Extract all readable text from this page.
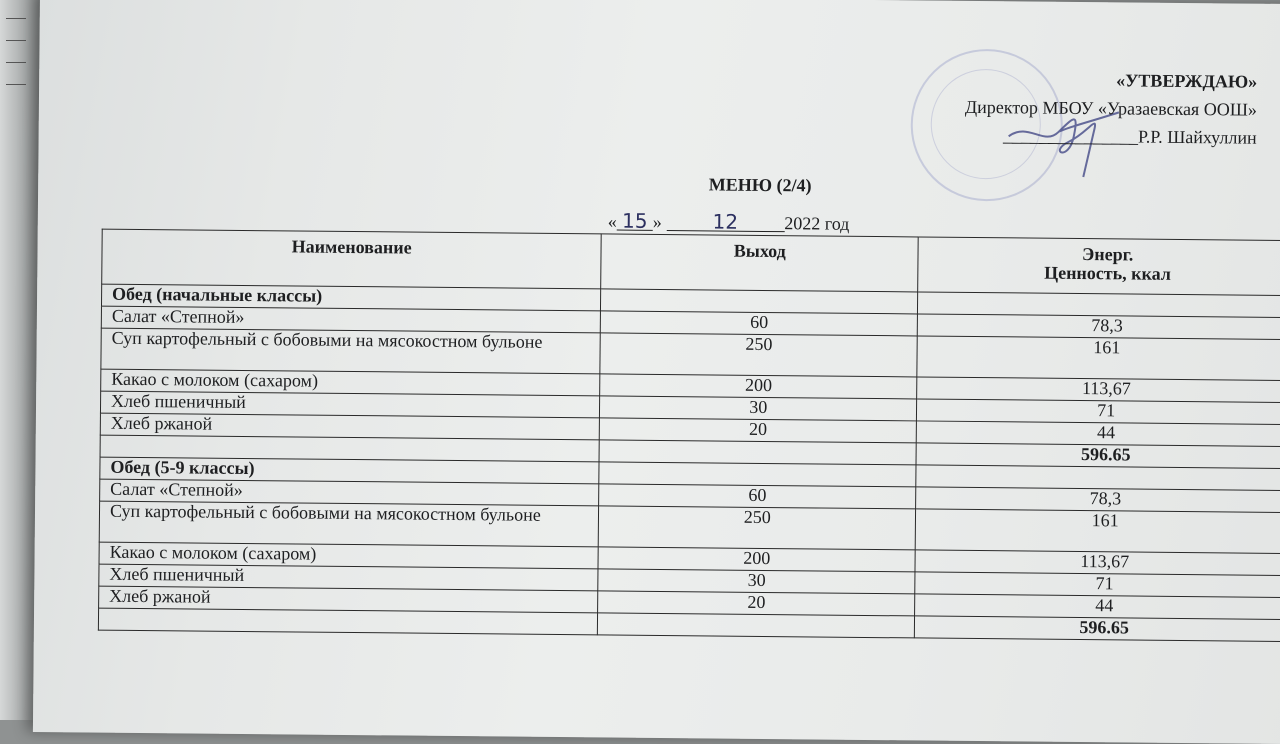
«УТВЕРЖДАЮ»
Директор МБОУ «Уразаевская ООШ»
_______________Р.Р. Шайхуллин
МЕНЮ (2/4)
« 15 »	12	2022 год
Наименование	Выход	Энерг.
Ценность, ккал

Обед (начальные классы)		
Салат «Степной»	60	78,3
Суп картофельный с бобовыми на мясокостном бульоне	250	161
Какао с молоком (сахаром)	200	113,67
Хлеб пшеничный	30	71
Хлеб ржаной	20	44
		596.65
Обед (5-9 классы)		
Салат «Степной»	60	78,3
Суп картофельный с бобовыми на мясокостном бульоне	250	161
Какао с молоком (сахаром)	200	113,67
Хлеб пшеничный	30	71
Хлеб ржаной	20	44
		596.65
